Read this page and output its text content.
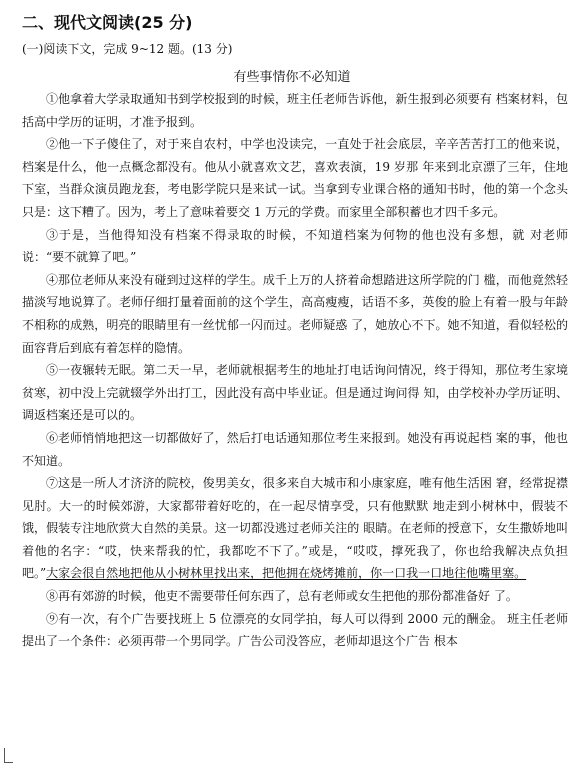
二、现代文阅读(25 分)
(一)阅读下文，完成 9~12 题。(13 分)
有些事情你不必知道

①他拿着大学录取通知书到学校报到的时候，班主任老师告诉他，新生报到必须要有 档案材料，包括高中学历的证明，才准予报到。

②他一下子傻住了，对于来自农村，中学也没读完，一直处于社会底层，辛辛苦苦打工的他来说，档案是什么，他一点概念都没有。他从小就喜欢文艺，喜欢表演，19 岁那 年来到北京漂了三年，住地下室，当群众演员跑龙套，考电影学院只是来试一试。当拿到专业课合格的通知书时，他的第一个念头只是：这下糟了。因为，考上了意味着要交 1 万元的学费。而家里全部积蓄也才四千多元。

③于是，当他得知没有档案不得录取的时候，不知道档案为何物的他也没有多想，就 对老师说：“要不就算了吧。”

④那位老师从来没有碰到过这样的学生。成千上万的人挤着命想踏进这所学院的门 槛，而他竟然轻描淡写地说算了。老师仔细打量着面前的这个学生，高高瘦瘦，话语不多，英俊的脸上有着一股与年龄不相称的成熟，明亮的眼睛里有一丝忧郁一闪而过。老师疑惑 了，她放心不下。她不知道，看似轻松的面容背后到底有着怎样的隐情。

⑤一夜辗转无眠。第二天一早，老师就根据考生的地址打电话询问情况，终于得知，那位考生家境贫寒，初中没上完就辍学外出打工，因此没有高中毕业证。但是通过询问得 知，由学校补办学历证明、调返档案还是可以的。

⑥老师悄悄地把这一切都做好了，然后打电话通知那位考生来报到。她没有再说起档 案的事，他也不知道。

⑦这是一所人才济济的院校，俊男美女，很多来自大城市和小康家庭，唯有他生活困 窘，经常捉襟见肘。大一的时候郊游，大家都带着好吃的，在一起尽情享受，只有他默默 地走到小树林中，假装不饿，假装专注地欣赏大自然的美景。这一切都没逃过老师关注的 眼睛。在老师的授意下，女生撒娇地叫着他的名字：“哎，快来帮我的忙，我都吃不下了。”或是，“哎哎，撑死我了，你也给我解决点负担吧。”大家会很自然地把他从小树林里找出来，把他拥在烧烤摊前，你一口我一口地往他嘴里塞。

⑧再有郊游的时候，他吏不需要带任何东西了，总有老师或女生把他的那份都准备好 了。

⑨有一次，有个广告要找班上 5 位漂亮的女同学拍，每人可以得到 2000 元的酬金。 班主任老师提出了一个条件：必须再带一个男同学。广告公司没答应，老师却退这个广告 根本
